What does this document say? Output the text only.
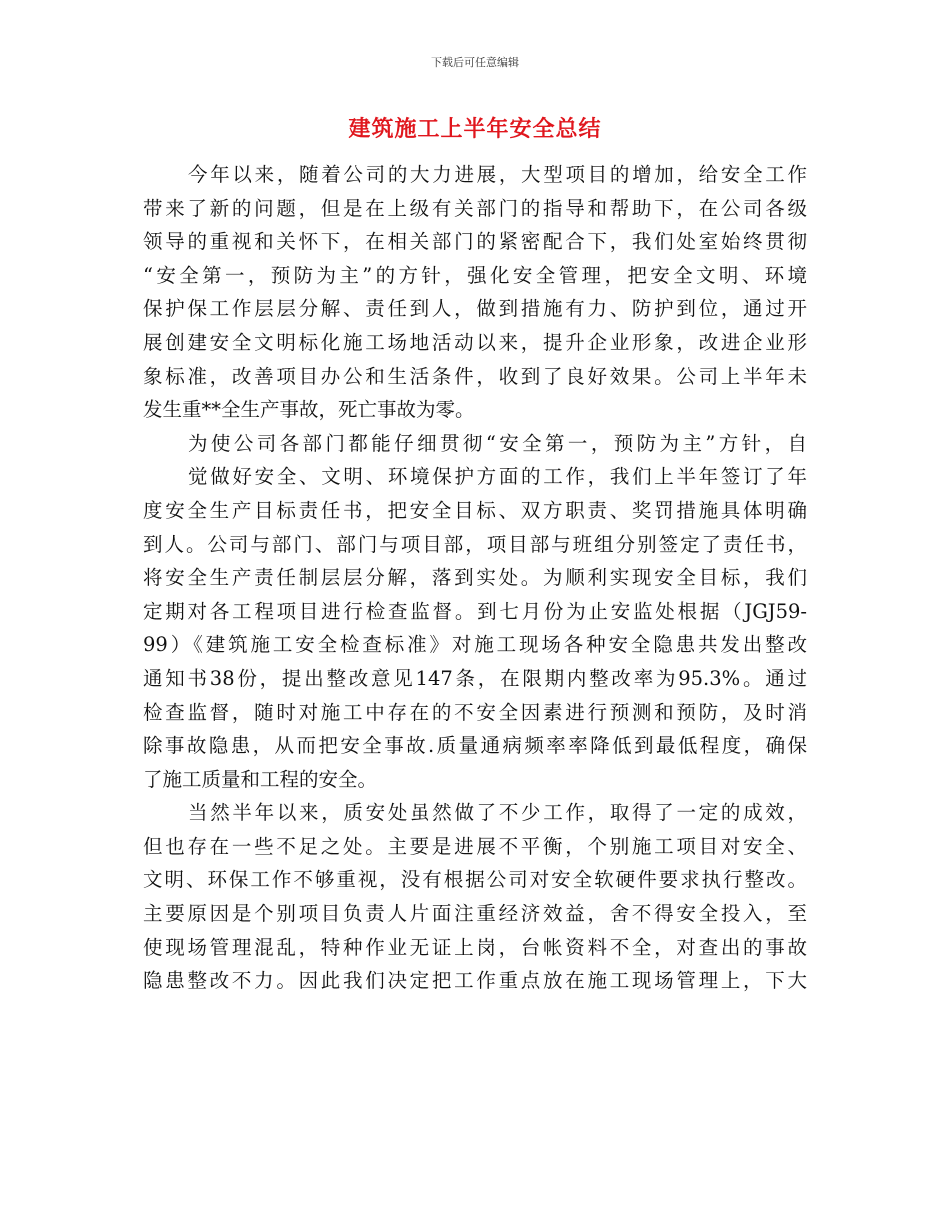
下载后可任意编辑
建筑施工上半年安全总结
今年以来，随着公司的大力进展，大型项目的增加，给安全工作
带来了新的问题，但是在上级有关部门的指导和帮助下，在公司各级
领导的重视和关怀下，在相关部门的紧密配合下，我们处室始终贯彻
“安全第一，预防为主”的方针，强化安全管理，把安全文明、环境
保护保工作层层分解、责任到人，做到措施有力、防护到位，通过开
展创建安全文明标化施工场地活动以来，提升企业形象，改进企业形
象标准，改善项目办公和生活条件，收到了良好效果。公司上半年未
发生重**全生产事故，死亡事故为零。
为使公司各部门都能仔细贯彻“安全第一，预防为主”方针，自
觉做好安全、文明、环境保护方面的工作，我们上半年签订了年
度安全生产目标责任书，把安全目标、双方职责、奖罚措施具体明确
到人。公司与部门、部门与项目部，项目部与班组分别签定了责任书，
将安全生产责任制层层分解，落到实处。为顺利实现安全目标，我们
定期对各工程项目进行检查监督。到七月份为止安监处根据（JGJ59-
99）《建筑施工安全检查标准》对施工现场各种安全隐患共发出整改
通知书38份，提出整改意见147条，在限期内整改率为95.3%。通过
检查监督，随时对施工中存在的不安全因素进行预测和预防，及时消
除事故隐患，从而把安全事故.质量通病频率率降低到最低程度，确保
了施工质量和工程的安全。
当然半年以来，质安处虽然做了不少工作，取得了一定的成效，
但也存在一些不足之处。主要是进展不平衡，个别施工项目对安全、
文明、环保工作不够重视，没有根据公司对安全软硬件要求执行整改。
主要原因是个别项目负责人片面注重经济效益，舍不得安全投入，至
使现场管理混乱，特种作业无证上岗，台帐资料不全，对查出的事故
隐患整改不力。因此我们决定把工作重点放在施工现场管理上，下大
